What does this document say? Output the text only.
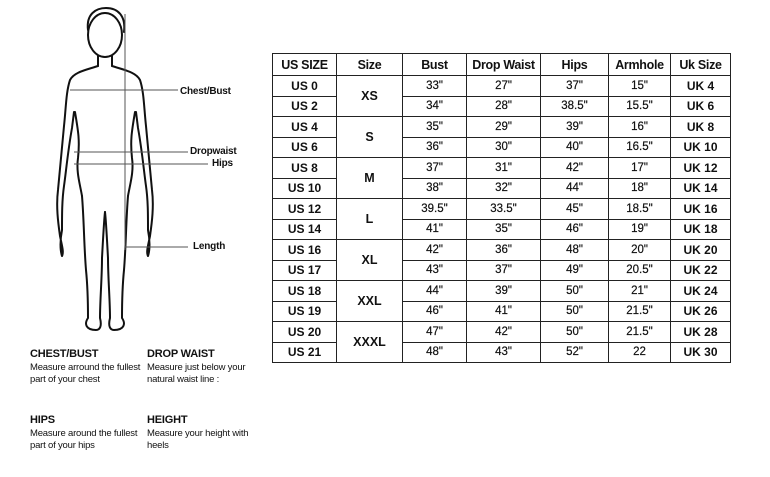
Chest/Bust
Dropwaist
Hips
Length
CHEST/BUST
Measure arround the fullest part of your chest
DROP WAIST
Measure just below your natural waist line :
HIPS
Measure around the fullest part of your hips
HEIGHT
Measure your height with heels
US SIZE	Size	Bust	Drop Waist	Hips	Armhole	Uk Size
US 0	XS	33"	27"	37"	15"	UK 4
US 2		34"	28"	38.5"	15.5"	UK 6
US 4	S	35"	29"	39"	16"	UK 8
US 6		36"	30"	40"	16.5"	UK 10
US 8	M	37"	31"	42"	17"	UK 12
US 10		38"	32"	44"	18"	UK 14
US 12	L	39.5"	33.5"	45"	18.5"	UK 16
US 14		41"	35"	46"	19"	UK 18
US 16	XL	42"	36"	48"	20"	UK 20
US 17		43"	37"	49"	20.5"	UK 22
US 18	XXL	44"	39"	50"	21"	UK 24
US 19		46"	41"	50"	21.5"	UK 26
US 20	XXXL	47"	42"	50"	21.5"	UK 28
US 21		48"	43"	52"	22	UK 30
